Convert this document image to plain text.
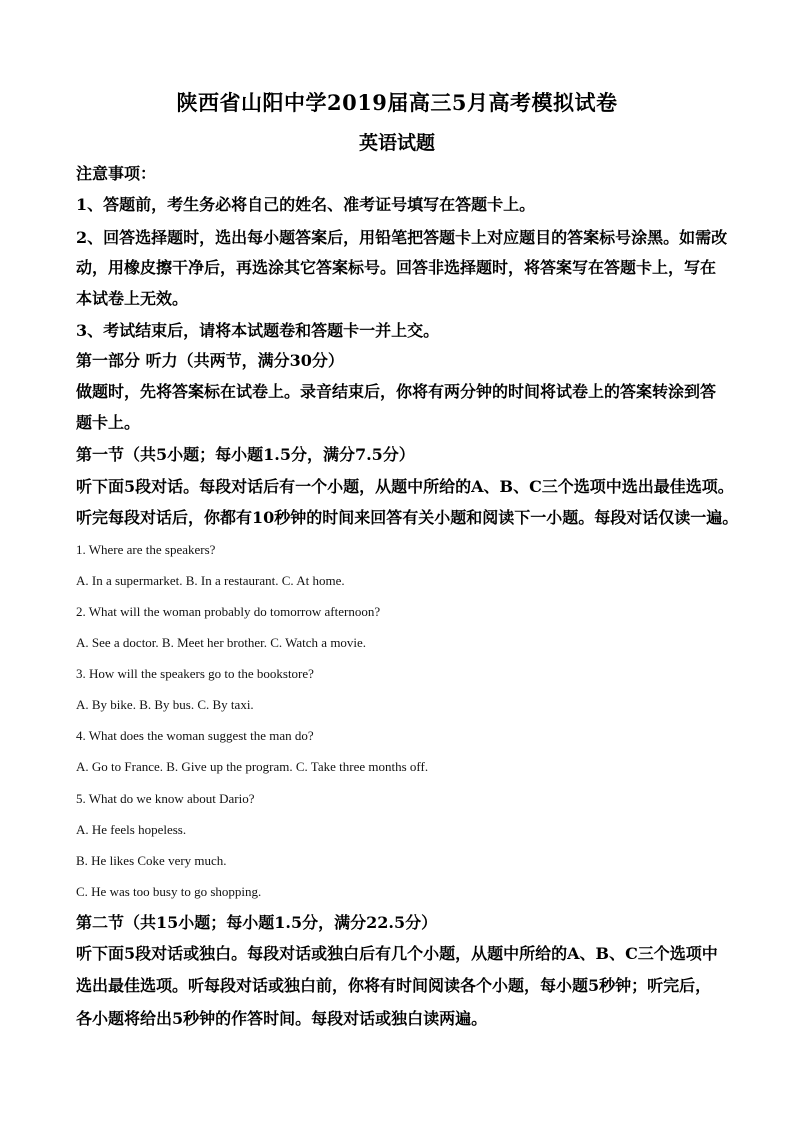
陕西省山阳中学2019届高三5月高考模拟试卷
英语试题
注意事项：
1、答题前，考生务必将自己的姓名、准考证号填写在答题卡上。
2、回答选择题时，选出每小题答案后，用铅笔把答题卡上对应题目的答案标号涂黑。如需改
动，用橡皮擦干净后，再选涂其它答案标号。回答非选择题时，将答案写在答题卡上，写在
本试卷上无效。
3、考试结束后，请将本试题卷和答题卡一并上交。
第一部分 听力（共两节，满分30分）
做题时，先将答案标在试卷上。录音结束后，你将有两分钟的时间将试卷上的答案转涂到答
题卡上。
第一节（共5小题；每小题1.5分，满分7.5分）
听下面5段对话。每段对话后有一个小题，从题中所给的A、B、C三个选项中选出最佳选项。
听完每段对话后，你都有10秒钟的时间来回答有关小题和阅读下一小题。每段对话仅读一遍。
1. Where are the speakers?
A. In a supermarket. B. In a restaurant. C. At home.
2. What will the woman probably do tomorrow afternoon?
A. See a doctor. B. Meet her brother. C. Watch a movie.
3. How will the speakers go to the bookstore?
A. By bike. B. By bus. C. By taxi.
4. What does the woman suggest the man do?
A. Go to France. B. Give up the program. C. Take three months off.
5. What do we know about Dario?
A. He feels hopeless.
B. He likes Coke very much.
C. He was too busy to go shopping.
第二节（共15小题；每小题1.5分，满分22.5分）
听下面5段对话或独白。每段对话或独白后有几个小题，从题中所给的A、B、C三个选项中
选出最佳选项。听每段对话或独白前，你将有时间阅读各个小题，每小题5秒钟；听完后，
各小题将给出5秒钟的作答时间。每段对话或独白读两遍。
